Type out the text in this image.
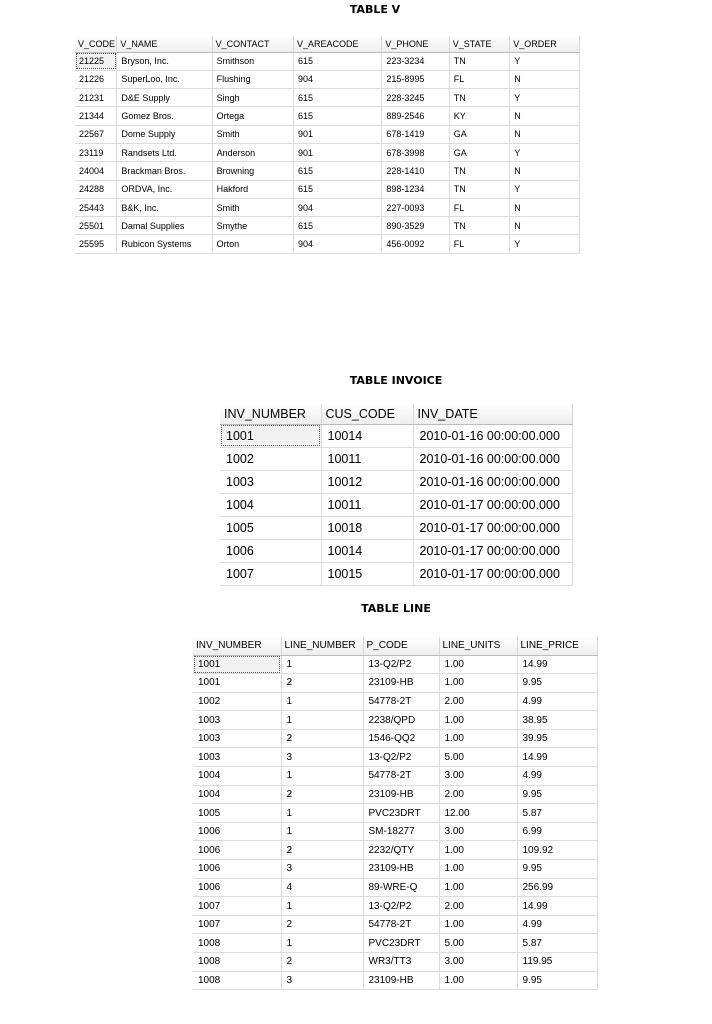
TABLE V
V_CODE	V_NAME	V_CONTACT	V_AREACODE	V_PHONE	V_STATE	V_ORDER
21225	Bryson, Inc.	Smithson	615	223-3234	TN	Y
21226	SuperLoo, Inc.	Flushing	904	215-8995	FL	N
21231	D&E Supply	Singh	615	228-3245	TN	Y
21344	Gomez Bros.	Ortega	615	889-2546	KY	N
22567	Dome Supply	Smith	901	678-1419	GA	N
23119	Randsets Ltd.	Anderson	901	678-3998	GA	Y
24004	Brackman Bros.	Browning	615	228-1410	TN	N
24288	ORDVA, Inc.	Hakford	615	898-1234	TN	Y
25443	B&K, Inc.	Smith	904	227-0093	FL	N
25501	Damal Supplies	Smythe	615	890-3529	TN	N
25595	Rubicon Systems	Orton	904	456-0092	FL	Y
TABLE INVOICE
INV_NUMBER	CUS_CODE	INV_DATE
1001	10014	2010-01-16 00:00:00.000
1002	10011	2010-01-16 00:00:00.000
1003	10012	2010-01-16 00:00:00.000
1004	10011	2010-01-17 00:00:00.000
1005	10018	2010-01-17 00:00:00.000
1006	10014	2010-01-17 00:00:00.000
1007	10015	2010-01-17 00:00:00.000
TABLE LINE
INV_NUMBER	LINE_NUMBER	P_CODE	LINE_UNITS	LINE_PRICE
1001	1	13-Q2/P2	1.00	14.99
1001	2	23109-HB	1.00	9.95
1002	1	54778-2T	2.00	4.99
1003	1	2238/QPD	1.00	38.95
1003	2	1546-QQ2	1.00	39.95
1003	3	13-Q2/P2	5.00	14.99
1004	1	54778-2T	3.00	4.99
1004	2	23109-HB	2.00	9.95
1005	1	PVC23DRT	12.00	5.87
1006	1	SM-18277	3.00	6.99
1006	2	2232/QTY	1.00	109.92
1006	3	23109-HB	1.00	9.95
1006	4	89-WRE-Q	1.00	256.99
1007	1	13-Q2/P2	2.00	14.99
1007	2	54778-2T	1.00	4.99
1008	1	PVC23DRT	5.00	5.87
1008	2	WR3/TT3	3.00	119.95
1008	3	23109-HB	1.00	9.95
